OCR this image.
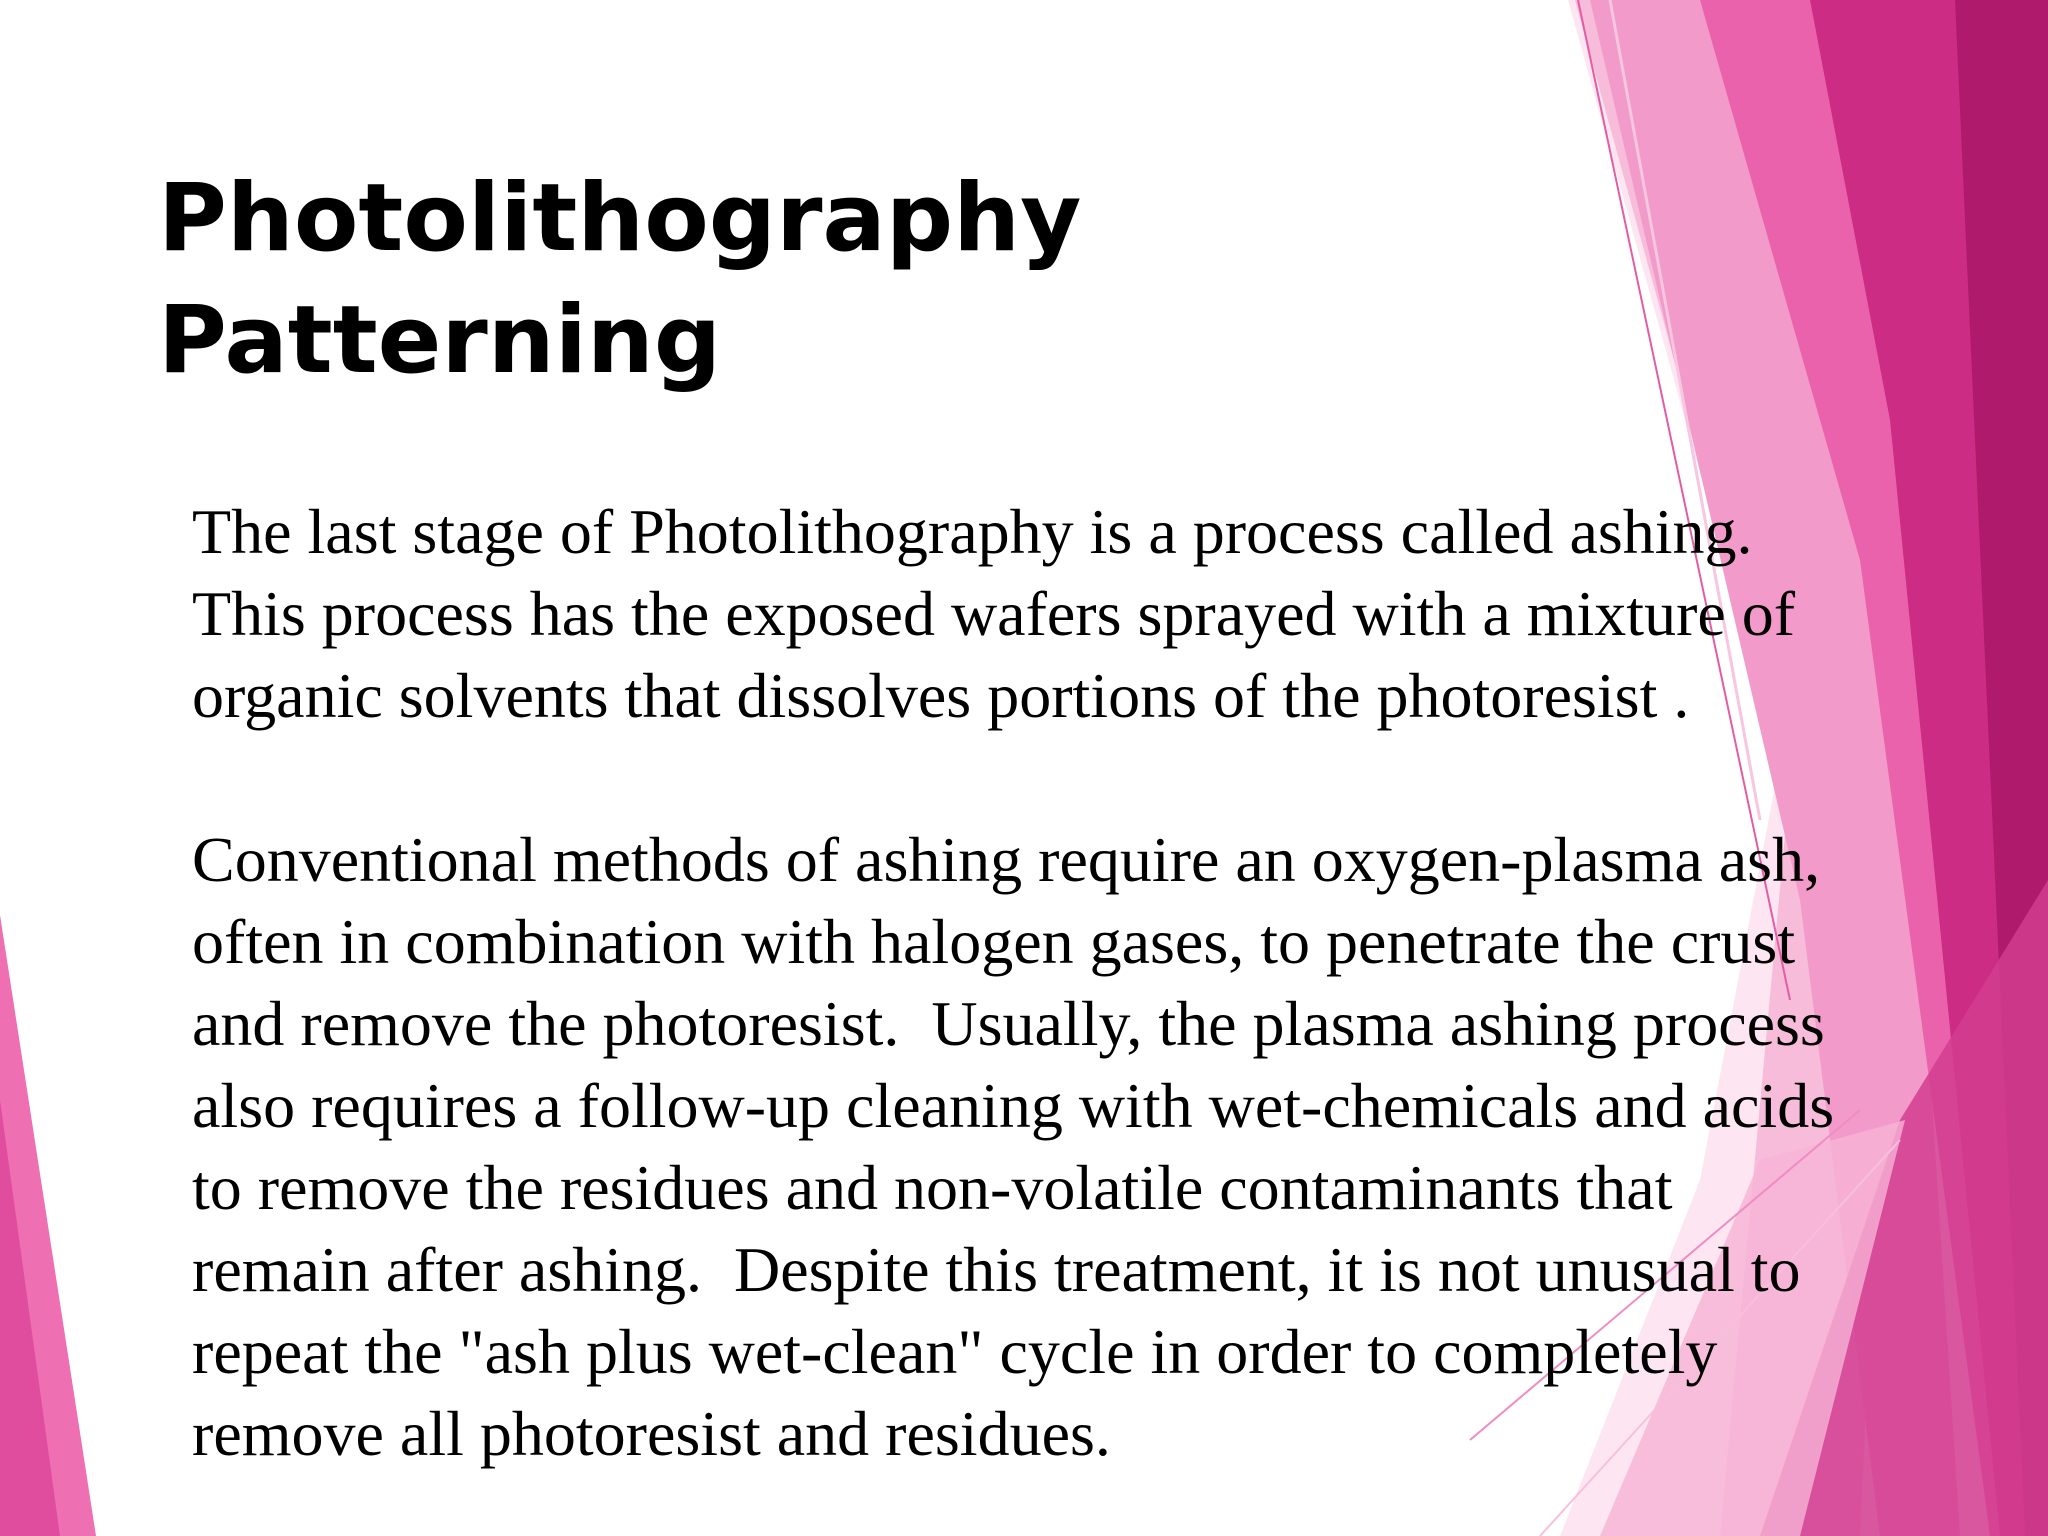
Photolithography
Patterning
The last stage of Photolithography is a process called ashing.
This process has the exposed wafers sprayed with a mixture of
organic solvents that dissolves portions of the photoresist .
Conventional methods of ashing require an oxygen-plasma ash,
often in combination with halogen gases, to penetrate the crust
and remove the photoresist.  Usually, the plasma ashing process
also requires a follow-up cleaning with wet-chemicals and acids
to remove the residues and non-volatile contaminants that
remain after ashing.  Despite this treatment, it is not unusual to
repeat the "ash plus wet-clean" cycle in order to completely
remove all photoresist and residues.
